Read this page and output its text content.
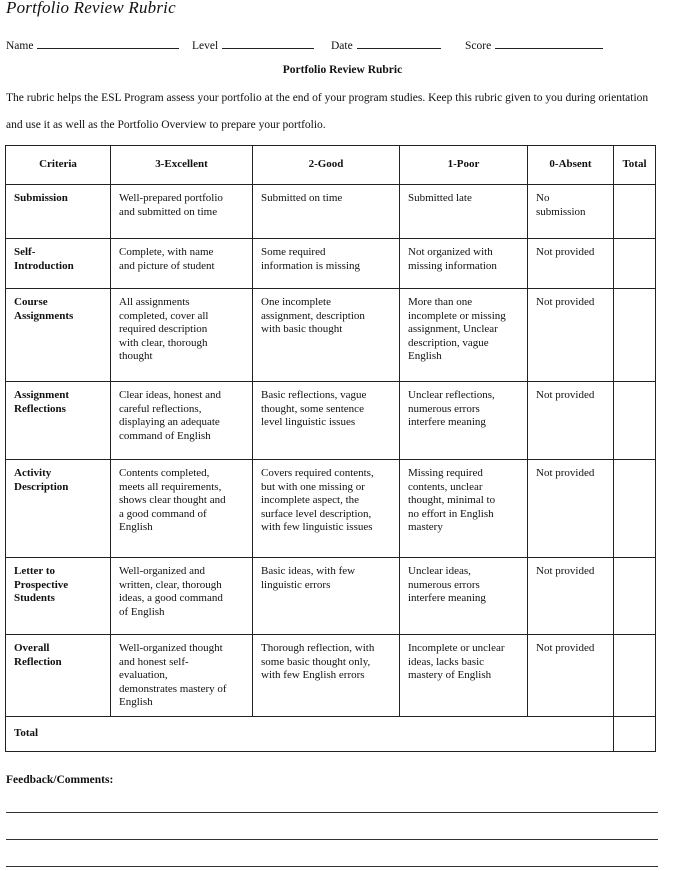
Portfolio Review Rubric
Name	Level	Date	Score
Portfolio Review Rubric
The rubric helps the ESL Program assess your portfolio at the end of your program studies. Keep this rubric given to you during orientation
and use it as well as the Portfolio Overview to prepare your portfolio.
Criteria	3-Excellent	2-Good	1-Poor	0-Absent	Total

Submission	Well-prepared portfolio and submitted on time	Submitted on time	Submitted late	No submission	

Self-Introduction	Complete, with name and picture of student	Some required information is missing	Not organized with missing information	Not provided	

Course Assignments	All assignments completed, cover all required description with clear, thorough thought	One incomplete assignment, description with basic thought	More than one incomplete or missing assignment, Unclear description, vague English	Not provided	

Assignment Reflections	Clear ideas, honest and careful reflections, displaying an adequate command of English	Basic reflections, vague thought, some sentence level linguistic issues	Unclear reflections, numerous errors interfere meaning	Not provided	

Activity Description	Contents completed, meets all requirements, shows clear thought and a good command of English	Covers required contents, but with one missing or incomplete aspect, the surface level description, with few linguistic issues	Missing required contents, unclear thought, minimal to no effort in English mastery	Not provided	

Letter to Prospective Students	Well-organized and written, clear, thorough ideas, a good command of English	Basic ideas, with few linguistic errors	Unclear ideas, numerous errors interfere meaning	Not provided	

Overall Reflection	Well-organized thought and honest self-evaluation, demonstrates mastery of English	Thorough reflection, with some basic thought only, with few English errors	Incomplete or unclear ideas, lacks basic mastery of English	Not provided	

Total					

Feedback/Comments:
